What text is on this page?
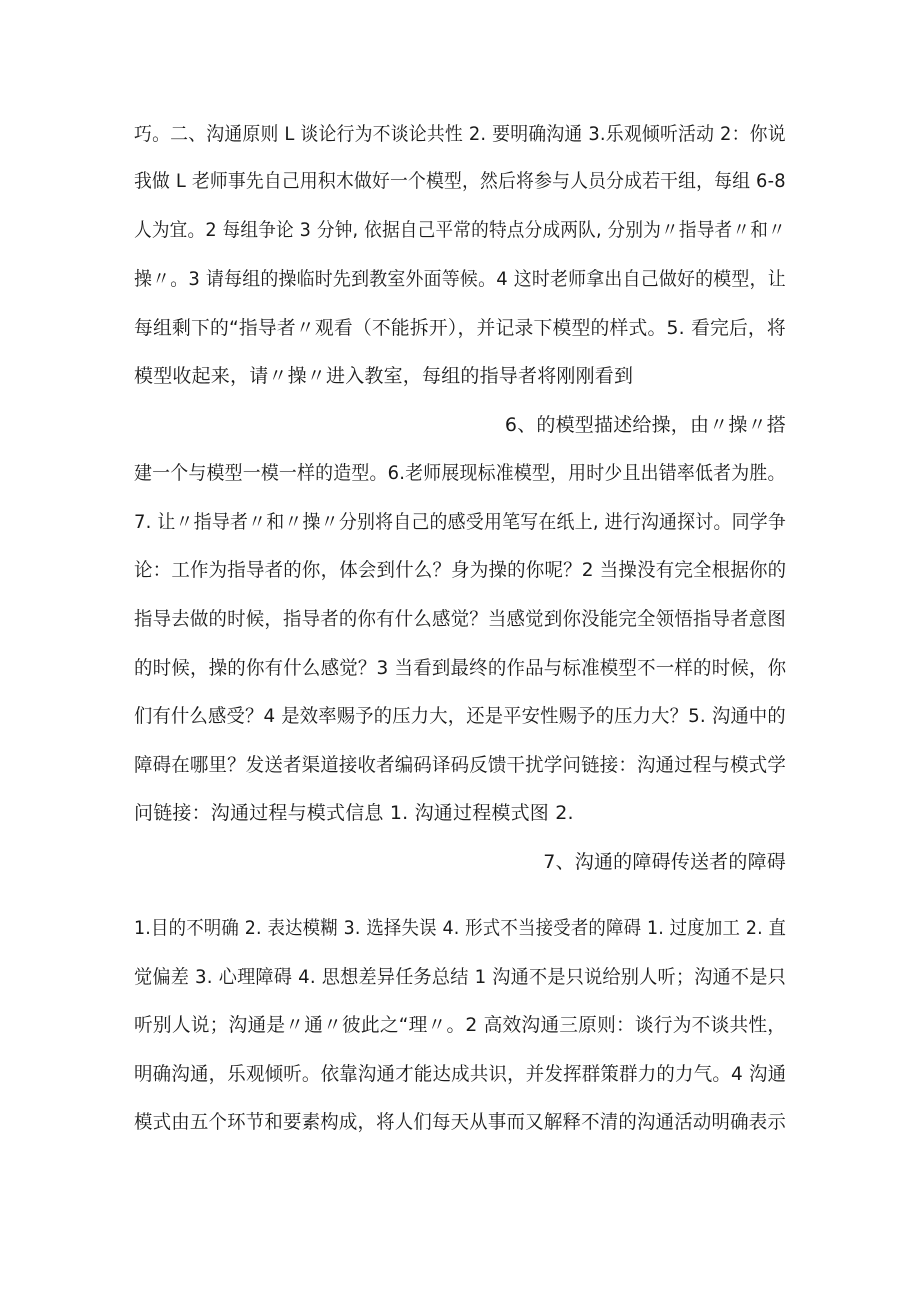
巧。二、沟通原则 L 谈论行为不谈论共性 2. 要明确沟通 3.乐观倾听活动 2：你说
我做 L 老师事先自己用积木做好一个模型，然后将参与人员分成若干组，每组 6-8
人为宜。2 每组争论 3 分钟, 依据自己平常的特点分成两队, 分别为〃指导者〃和〃
操〃。3 请每组的操临时先到教室外面等候。4 这时老师拿出自己做好的模型，让
每组剩下的“指导者〃观看（不能拆开），并记录下模型的样式。5. 看完后，将
模型收起来，请〃操〃进入教室，每组的指导者将刚刚看到
6、的模型描述给操，由〃操〃搭
建一个与模型一模一样的造型。6.老师展现标准模型，用时少且出错率低者为胜。
7. 让〃指导者〃和〃操〃分别将自己的感受用笔写在纸上, 进行沟通探讨。同学争
论：工作为指导者的你，体会到什么？身为操的你呢？2 当操没有完全根据你的
指导去做的时候，指导者的你有什么感觉？当感觉到你没能完全领悟指导者意图
的时候，操的你有什么感觉？3 当看到最终的作品与标准模型不一样的时候，你
们有什么感受？4 是效率赐予的压力大，还是平安性赐予的压力大？5. 沟通中的
障碍在哪里？发送者渠道接收者编码译码反馈干扰学问链接：沟通过程与模式学
问链接：沟通过程与模式信息 1. 沟通过程模式图 2.
7、沟通的障碍传送者的障碍
1.目的不明确 2. 表达模糊 3. 选择失误 4. 形式不当接受者的障碍 1. 过度加工 2. 直
觉偏差 3. 心理障碍 4. 思想差异任务总结 1 沟通不是只说给别人听；沟通不是只
听别人说；沟通是〃通〃彼此之“理〃。2 高效沟通三原则：谈行为不谈共性，
明确沟通，乐观倾听。依靠沟通才能达成共识，并发挥群策群力的力气。4 沟通
模式由五个环节和要素构成，将人们每天从事而又解释不清的沟通活动明确表示
